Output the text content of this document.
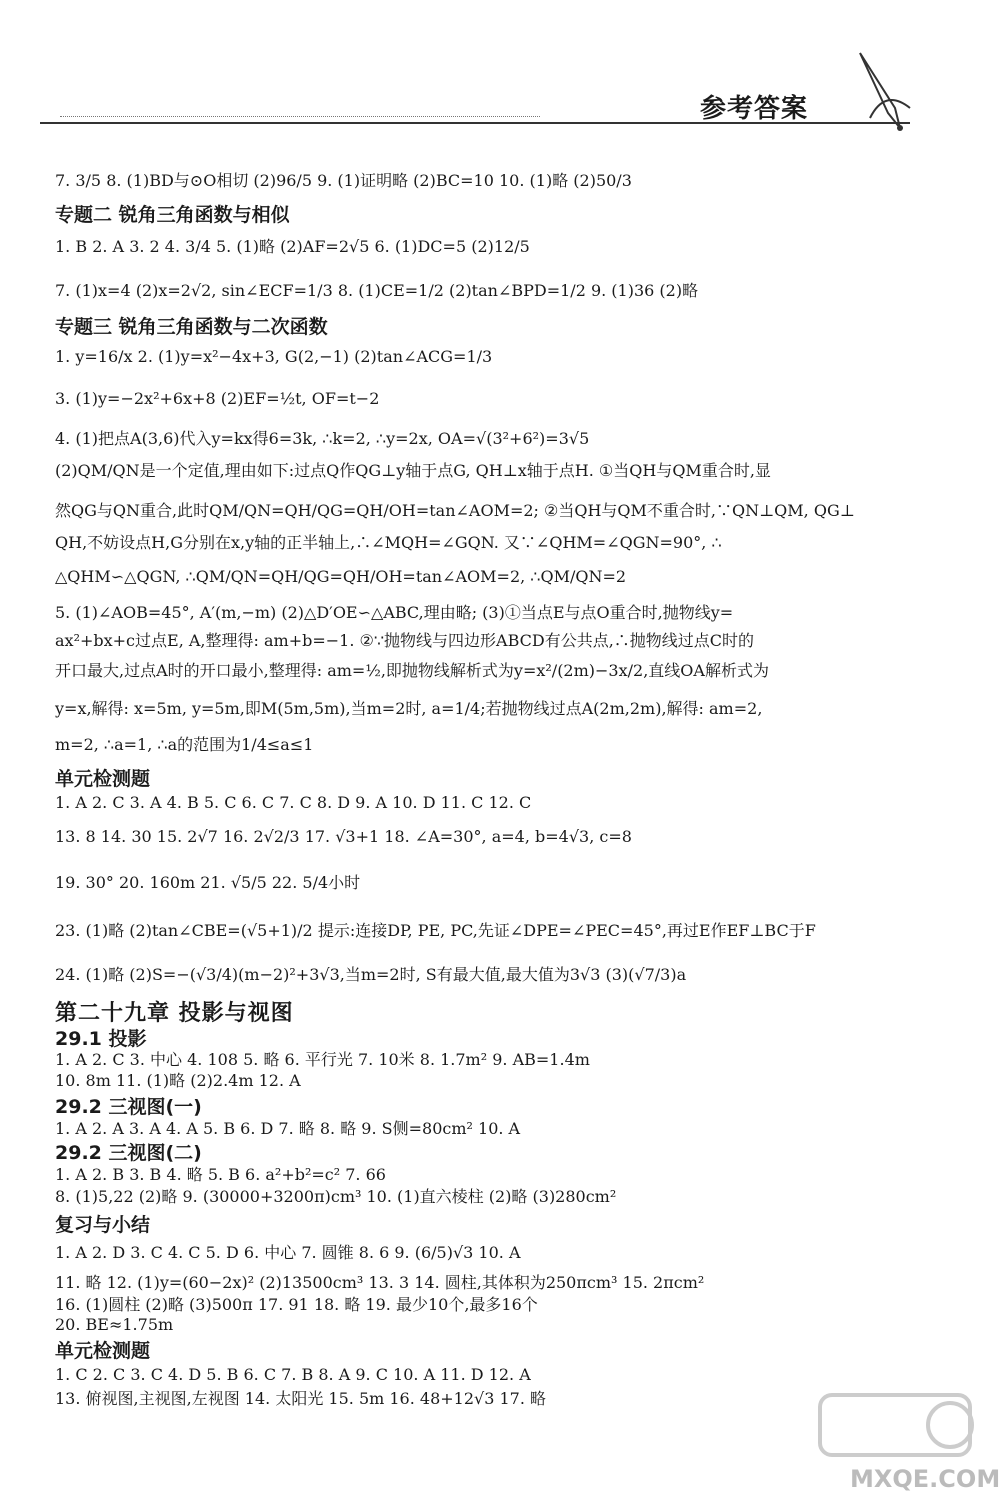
参考答案
专题二 锐角三角函数与相似
专题三 锐角三角函数与二次函数
单元检测题
第二十九章 投影与视图
29.1 投影
29.2 三视图(一)
29.2 三视图(二)
复习与小结
单元检测题
7. 3/5 8. (1)BD与⊙O相切 (2)96/5 9. (1)证明略 (2)BC=10 10. (1)略 (2)50/3
1. B 2. A 3. 2 4. 3/4 5. (1)略 (2)AF=2√5 6. (1)DC=5 (2)12/5
7. (1)x=4 (2)x=2√2, sin∠ECF=1/3 8. (1)CE=1/2 (2)tan∠BPD=1/2 9. (1)36 (2)略
1. y=16/x 2. (1)y=x²−4x+3, G(2,−1) (2)tan∠ACG=1/3
3. (1)y=−2x²+6x+8 (2)EF=½t, OF=t−2
4. (1)把点A(3,6)代入y=kx得6=3k, ∴k=2, ∴y=2x, OA=√(3²+6²)=3√5
(2)QM/QN是一个定值,理由如下:过点Q作QG⊥y轴于点G, QH⊥x轴于点H. ①当QH与QM重合时,显
然QG与QN重合,此时QM/QN=QH/QG=QH/OH=tan∠AOM=2; ②当QH与QM不重合时,∵QN⊥QM, QG⊥
QH,不妨设点H,G分别在x,y轴的正半轴上,∴∠MQH=∠GQN. 又∵∠QHM=∠QGN=90°, ∴
△QHM∽△QGN, ∴QM/QN=QH/QG=QH/OH=tan∠AOM=2, ∴QM/QN=2
5. (1)∠AOB=45°, A′(m,−m) (2)△D′OE∽△ABC,理由略; (3)①当点E与点O重合时,抛物线y=
ax²+bx+c过点E, A,整理得: am+b=−1. ②∵抛物线与四边形ABCD有公共点,∴抛物线过点C时的
开口最大,过点A时的开口最小,整理得: am=½,即抛物线解析式为y=x²/(2m)−3x/2,直线OA解析式为
y=x,解得: x=5m, y=5m,即M(5m,5m),当m=2时, a=1/4;若抛物线过点A(2m,2m),解得: am=2,
m=2, ∴a=1, ∴a的范围为1/4≤a≤1
1. A 2. C 3. A 4. B 5. C 6. C 7. C 8. D 9. A 10. D 11. C 12. C
13. 8 14. 30 15. 2√7 16. 2√2/3 17. √3+1 18. ∠A=30°, a=4, b=4√3, c=8
19. 30° 20. 160m 21. √5/5 22. 5/4小时
23. (1)略 (2)tan∠CBE=(√5+1)/2 提示:连接DP, PE, PC,先证∠DPE=∠PEC=45°,再过E作EF⊥BC于F
24. (1)略 (2)S=−(√3/4)(m−2)²+3√3,当m=2时, S有最大值,最大值为3√3 (3)(√7/3)a
1. A 2. C 3. 中心 4. 108 5. 略 6. 平行光 7. 10米 8. 1.7m² 9. AB=1.4m
10. 8m 11. (1)略 (2)2.4m 12. A
1. A 2. A 3. A 4. A 5. B 6. D 7. 略 8. 略 9. S侧=80cm² 10. A
1. A 2. B 3. B 4. 略 5. B 6. a²+b²=c² 7. 66
8. (1)5,22 (2)略 9. (30000+3200π)cm³ 10. (1)直六棱柱 (2)略 (3)280cm²
1. A 2. D 3. C 4. C 5. D 6. 中心 7. 圆锥 8. 6 9. (6/5)√3 10. A
11. 略 12. (1)y=(60−2x)² (2)13500cm³ 13. 3 14. 圆柱,其体积为250πcm³ 15. 2πcm²
16. (1)圆柱 (2)略 (3)500π 17. 91 18. 略 19. 最少10个,最多16个
20. BE≈1.75m
1. C 2. C 3. C 4. D 5. B 6. C 7. B 8. A 9. C 10. A 11. D 12. A
13. 俯视图,主视图,左视图 14. 太阳光 15. 5m 16. 48+12√3 17. 略
MXQE.COM
